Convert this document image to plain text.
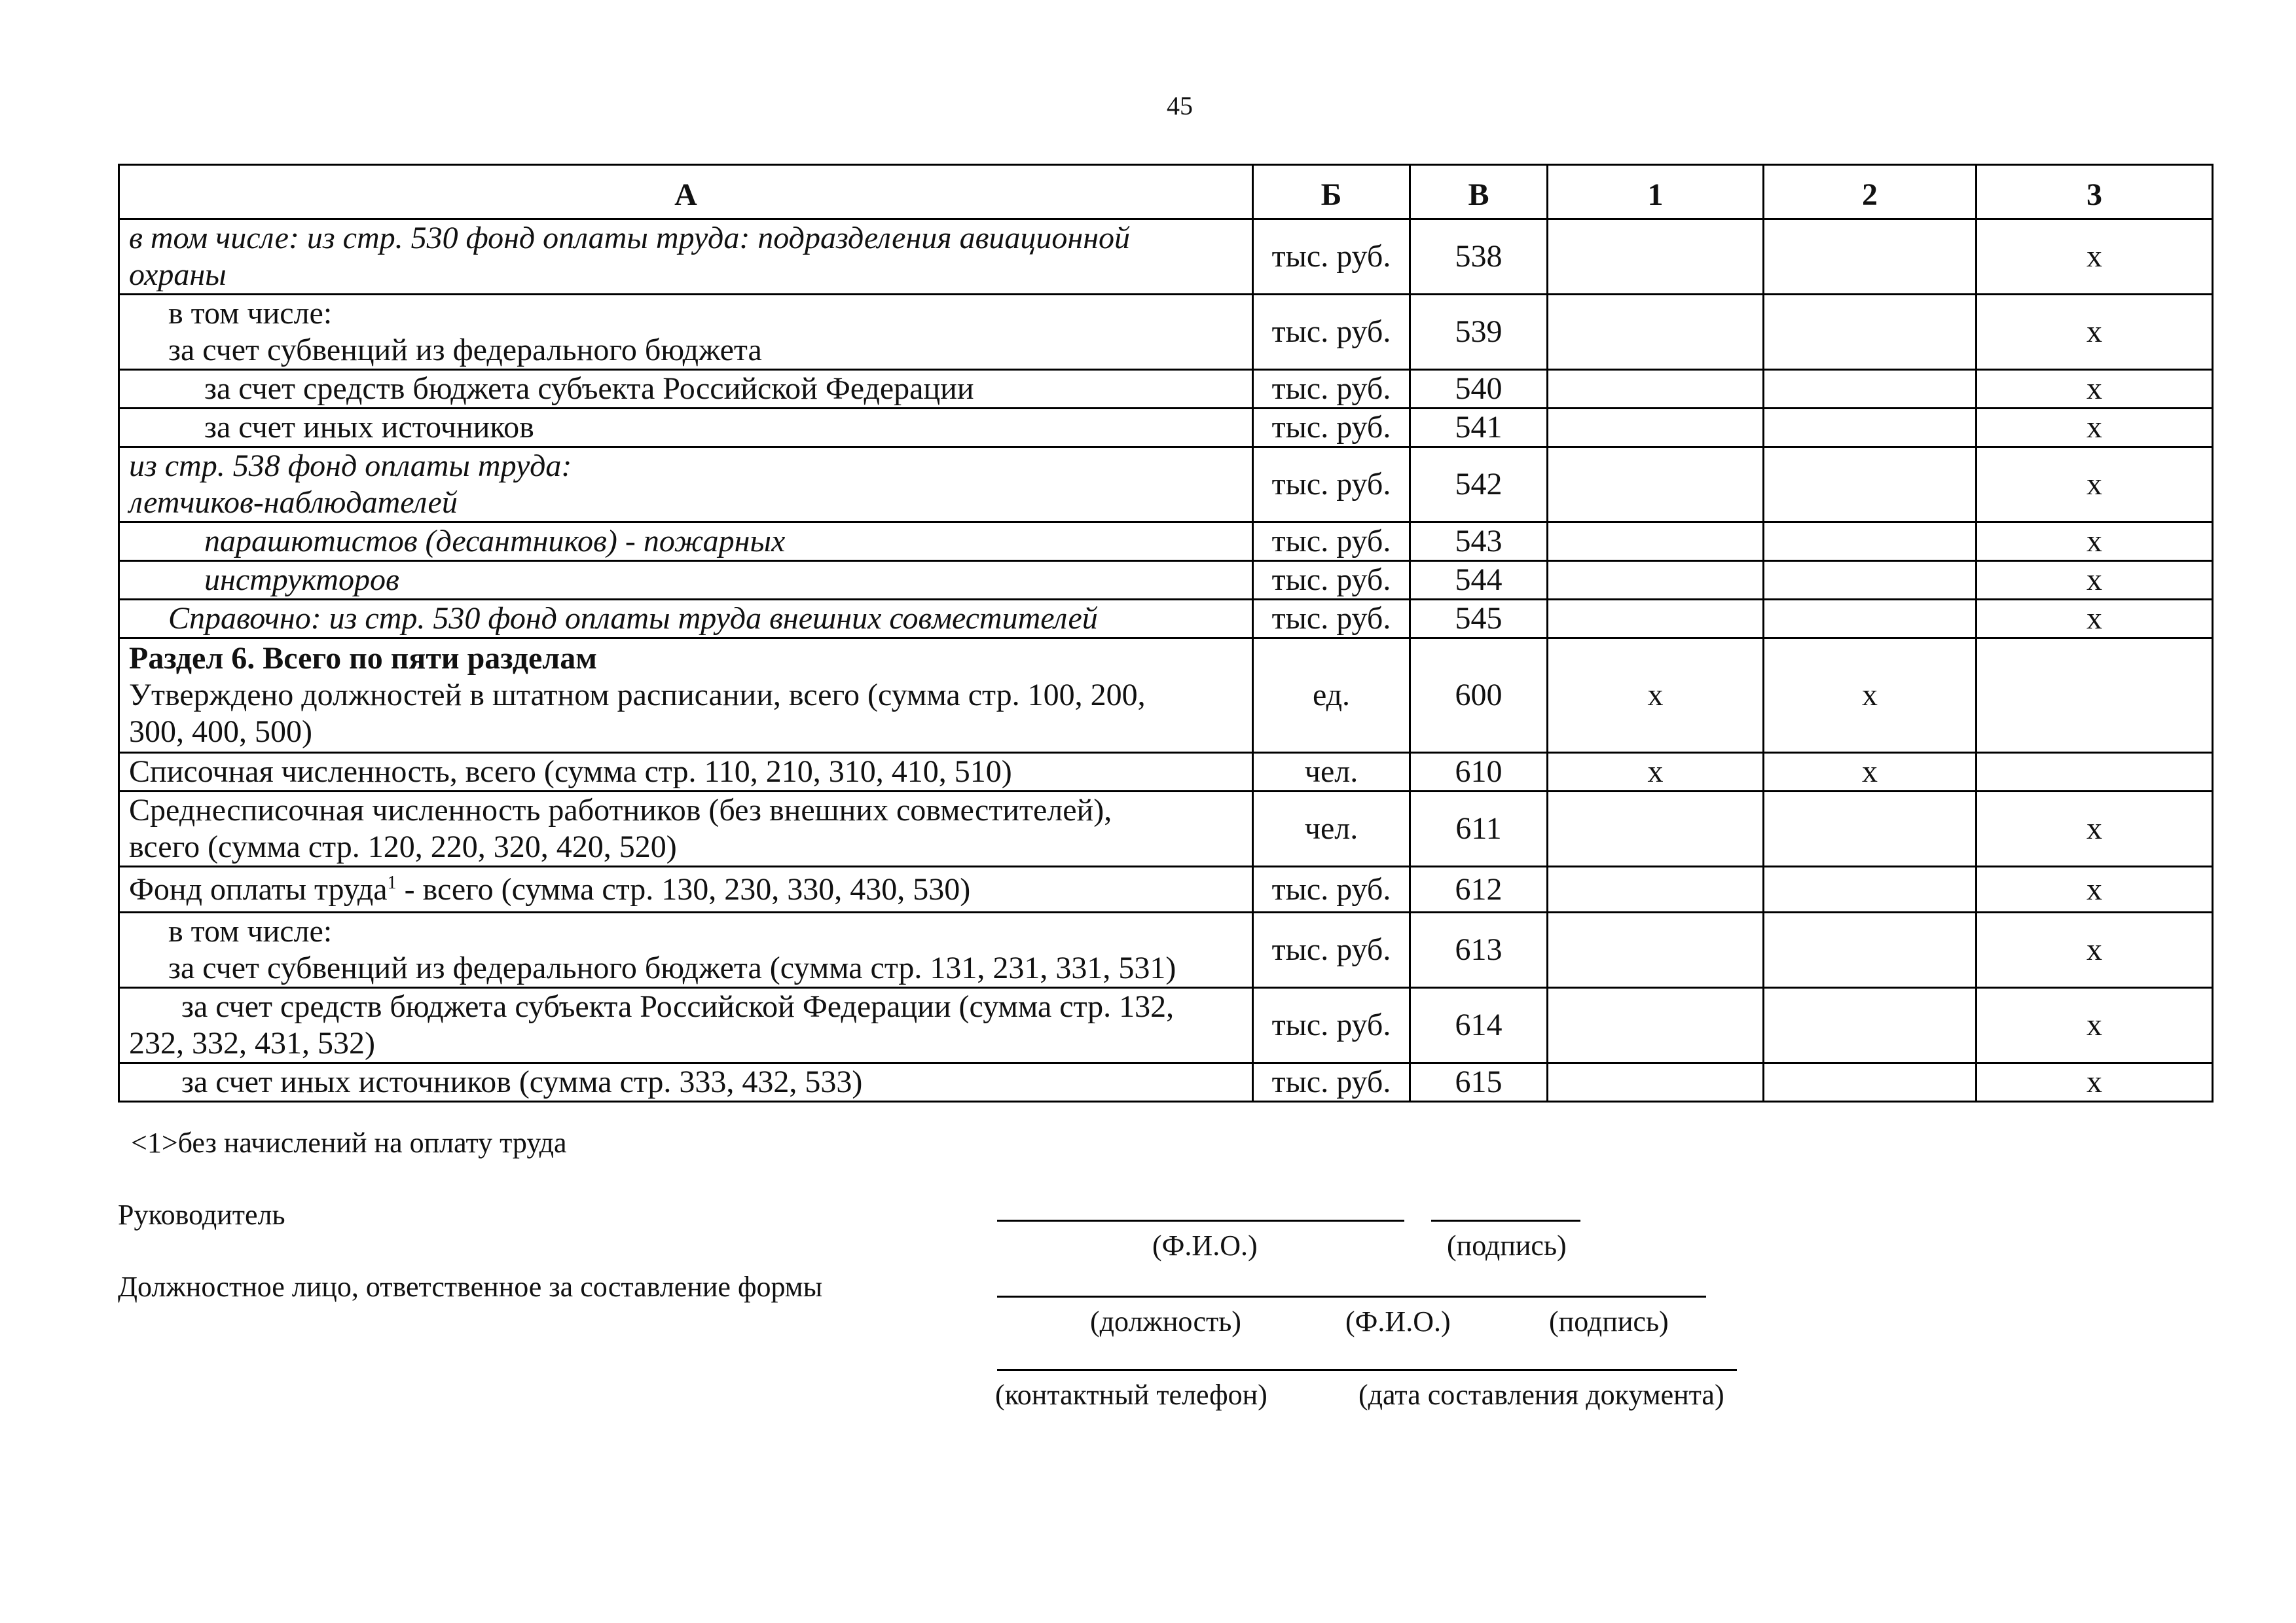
45
А	Б	В	1	2	3

в том числе: из стр. 530 фонд оплаты труда: подразделения авиационной
охраны	тыс. руб.	538			х

в том числе:
за счет субвенций из федерального бюджета	тыс. руб.	539			х

за счет средств бюджета субъекта Российской Федерации	тыс. руб.	540			х

за счет иных источников	тыс. руб.	541			х

из стр. 538 фонд оплаты труда:
летчиков-наблюдателей	тыс. руб.	542			х

парашютистов (десантников) - пожарных	тыс. руб.	543			х

инструкторов	тыс. руб.	544			х

Справочно: из стр. 530 фонд оплаты труда внешних совместителей	тыс. руб.	545			х

Раздел 6. Всего по пяти разделам
Утверждено должностей в штатном расписании, всего (сумма стр. 100, 200,
300, 400, 500)	ед.	600	х	х	

Списочная численность, всего (сумма стр. 110, 210, 310, 410, 510)	чел.	610	х	х	

Среднесписочная численность работников (без внешних совместителей),
всего (сумма стр. 120, 220, 320, 420, 520)	чел.	611			х
Фонд оплаты труда$^1$ - всего (сумма стр. 130, 230, 330, 430, 530)	тыс. руб.	612			х

в том числе:
за счет субвенций из федерального бюджета (сумма стр. 131, 231, 331, 531)	тыс. руб.	613			х

за счет средств бюджета субъекта Российской Федерации (сумма стр. 132,
232, 332, 431, 532)	тыс. руб.	614			х

за счет иных источников (сумма стр. 333, 432, 533)	тыс. руб.	615			х
<1>без начислений на оплату труда
Руководитель
(Ф.И.О.)	(подпись)
Должностное лицо, ответственное за составление формы
(должность)	(Ф.И.О.)	(подпись)
(контактный телефон)	(дата составления документа)
